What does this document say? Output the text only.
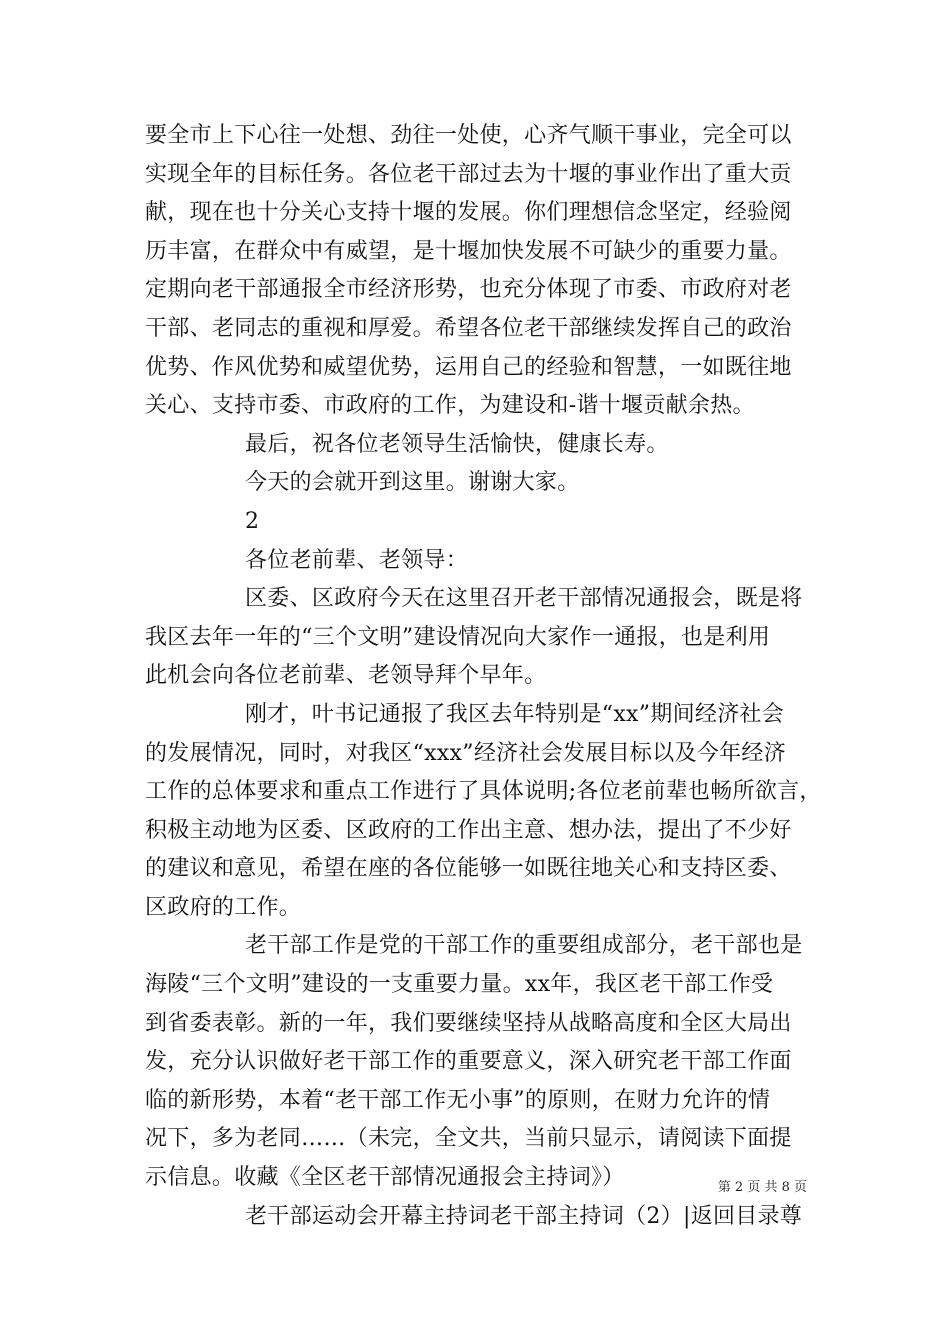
要全市上下心往一处想、劲往一处使，心齐气顺干事业，完全可以
实现全年的目标任务。各位老干部过去为十堰的事业作出了重大贡
献，现在也十分关心支持十堰的发展。你们理想信念坚定，经验阅
历丰富，在群众中有威望，是十堰加快发展不可缺少的重要力量。
定期向老干部通报全市经济形势，也充分体现了市委、市政府对老
干部、老同志的重视和厚爱。希望各位老干部继续发挥自己的政治
优势、作风优势和威望优势，运用自己的经验和智慧，一如既往地
关心、支持市委、市政府的工作，为建设和-谐十堰贡献余热。
最后，祝各位老领导生活愉快，健康长寿。
今天的会就开到这里。谢谢大家。
2
各位老前辈、老领导：
区委、区政府今天在这里召开老干部情况通报会，既是将
我区去年一年的“三个文明”建设情况向大家作一通报，也是利用
此机会向各位老前辈、老领导拜个早年。
刚才，叶书记通报了我区去年特别是“xx”期间经济社会
的发展情况，同时，对我区“xxx”经济社会发展目标以及今年经济
工作的总体要求和重点工作进行了具体说明;各位老前辈也畅所欲言，
积极主动地为区委、区政府的工作出主意、想办法，提出了不少好
的建议和意见，希望在座的各位能够一如既往地关心和支持区委、
区政府的工作。
老干部工作是党的干部工作的重要组成部分，老干部也是
海陵“三个文明”建设的一支重要力量。xx年，我区老干部工作受
到省委表彰。新的一年，我们要继续坚持从战略高度和全区大局出
发，充分认识做好老干部工作的重要意义，深入研究老干部工作面
临的新形势，本着“老干部工作无小事”的原则，在财力允许的情
况下，多为老同……（未完，全文共，当前只显示，请阅读下面提
示信息。收藏《全区老干部情况通报会主持词》）
老干部运动会开幕主持词老干部主持词（2）|返回目录尊
第 2 页 共 8 页
